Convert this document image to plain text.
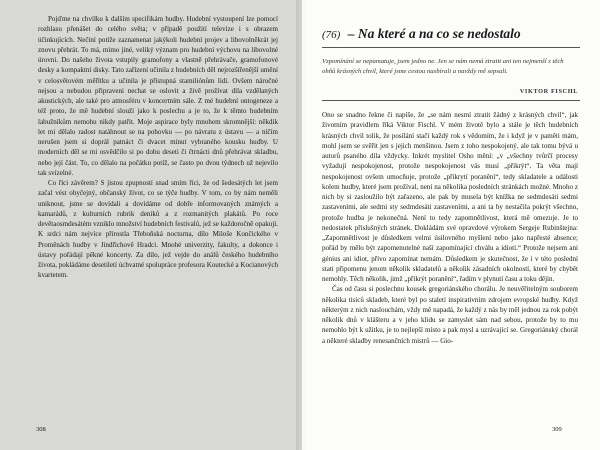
Pojďme na chvilku k dalším specifikám hudby. Hudební vystoupení lze pomocí rozhlasu přenášet do celého světa; v případě použití televize i s obrazem účinkujících. Nečiní potíže zaznamenat jakýkoli hudební projev a libovolněkrát jej znovu přehrát. To má, mimo jiné, veliký význam pro hudební výchovu na libovolné úrovni. Do našeho života vstupily gramofony a vlastně přehrávače, gramofonové desky a kompaktní disky. Tato zařízení učinila z hudebních děl nejrozšířenější umění v celosvětovém měřítku a učinila je přístupná stamiliónům lidí. Ovšem náročné nejsou a nebudou připraveni nechat se oslovit a živě prožívat díla vzdělaných akustických, ale také pro atmosféru v koncertním sále. Z mé hudební ontogeneze a též proto, že mě hudební slouží jako k poslechu a je to, že k těmto hudebním labužníkům nemohu nikdy patřit. Moje aspirace byly mnohem skromnější: někdik let mi dělalo radost natáhnout se na pohovku — po návratu z ústavu — a ničím nerušen jsem si doprál patnáct či dvacet minut vybraného kousku hudby. U moderních děl se mi osvědčilo si po dobu deseti či čtrnácti dnů přehrávat skladbu, nebo její část. To, co dělalo na počátku potíž, se často po dvou týdnech už nejevilo tak svízelné.

Co říci závěrem? S jistou zpupností snad smím říci, že od šedesátých let jsem začal vést obyčejný, občanský život, co se týče hudby. V tom, co by nám neměli uniknout, jsme se dovídali a dovídáme od dobře informovaných známých a kamarádů, z kulturních rubrik deníků a z rozmanitých plakátů. Po roce devětaosmdesátém vzniklo množství hudebních festivalů, jež se každoročně opakují. K srdci nám nejvíce přirostla Třeboňská nocturna, dílo Miloše Končického v Proměnách hudby v Jindřichově Hradci. Mnohé univerzity, fakulty, a dokonce i ústavy pořádají pěkné koncerty. Za dílo, jež vejde do análů českého hudebního života, pokládáme desetiletí úchvatné spolupráce profesora Koutecké a Kocianových kvartetem.

308
(76) – Na které a na co se nedostalo
Vzpomínání se nepamatuje, jsem jedno ne. Jen se nám nemá ztratit ani ten nejmenší z těch ohňů krásných chvil, které jsme cestou nasbírali a navždy mě sepsali.
VIKTOR FISCHL

Ono se snadno řekne či napíše, že „se nám nesmí ztratit žádný z krásných chvil“, jak životním pravidlem říká Viktor Fischl. V mém životě bylo a stále je těch hudebních krásných chvil tolik, že posílání stačí každý rok s vědomím, že i když je v paměti mám, mohl jsem se svěřit jen s jejich menšinou. Jsem z toho nespokojený, ale tak tomu bývá u autorů psaného díla vždycky. Inkrét myslitel Osho mění: „v „všechny tvůrčí procesy vyžadují nespokojenost, protože nespokojenost vás musí „přikrýt“. Ta věta mají nespokojenost ovšem umocňuje, protože „přikrytí poranění“, tedy skladatele a události kolem hudby, které jsem prožíval, není na několika posledních stránkách možné. Mnoho z nich by si zasloužilo být zařazeno, ale pak by musela být knížka ne sedmdesáti sedmi zastaveními, ale sedmi sty sedmdesáti zastaveními, a ani ta by nestačila pokrýt všechno, protože hudba je nekonečná. Není to tedy zapomnětlivost, která mě omezuje. Je to nedostatek příslušných stránek. Dokládám své opravdové výrokem Sergeje Rubinštejna: „Zapomnětlivost je důsledkem velmi úsilovného myšlení nebo jako napřesté absence; pořád by mělo být zapomenutelné naší zapomínající chválu a idiotí.“ Protože nejsem ani génius ani idiot, přívo zapomínat nemám. Důsledkem je skutečnost, že i v této poslední stati připomenu jenom několik skladatelů a několik zásadních okolností, které by chybět nemohly. Těch několik, jimž „přikrýt poranění“, řadím v plynutí času a toku dějin.

Čas od času si poslechnu kousek gregoriánského chorálu. Je neuvěřitelným souborem několika tisíců skladeb, které byl po staletí inspirativním zdrojem evropské hudby. Když některým z nich naslouchám, vždy mě napadá, že každý z nás by měl jednou za rok pobýt několik dnů v klášteru a v jeho klidu se zamyslet sám nad sebou, protože by to mu nemohlo být k užitku, je to nejlepší místo a pak mysl a uzrávající se. Gregoriánský chorál a některé skladby renesančních mistrů — Gio-

309
